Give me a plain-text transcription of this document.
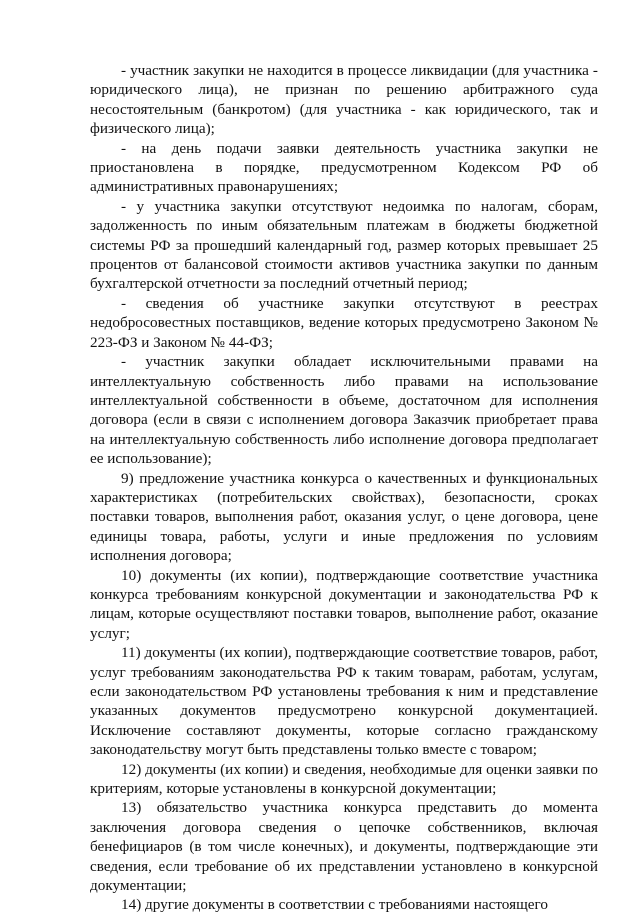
- участник закупки не находится в процессе ликвидации (для участника - юридического лица), не признан по решению арбитражного суда несостоятельным (банкротом) (для участника - как юридического, так и физического лица);

- на день подачи заявки деятельность участника закупки не приостановлена в порядке, предусмотренном Кодексом РФ об административных правонарушениях;

- у участника закупки отсутствуют недоимка по налогам, сборам, задолженность по иным обязательным платежам в бюджеты бюджетной системы РФ за прошедший календарный год, размер которых превышает 25 процентов от балансовой стоимости активов участника закупки по данным бухгалтерской отчетности за последний отчетный период;

- сведения об участнике закупки отсутствуют в реестрах недобросовестных поставщиков, ведение которых предусмотрено Законом № 223-ФЗ и Законом № 44-ФЗ;

- участник закупки обладает исключительными правами на интеллектуальную собственность либо правами на использование интеллектуальной собственности в объеме, достаточном для исполнения договора (если в связи с исполнением договора Заказчик приобретает права на интеллектуальную собственность либо исполнение договора предполагает ее использование);

9) предложение участника конкурса о качественных и функциональных характеристиках (потребительских свойствах), безопасности, сроках поставки товаров, выполнения работ, оказания услуг, о цене договора, цене единицы товара, работы, услуги и иные предложения по условиям исполнения договора;

10) документы (их копии), подтверждающие соответствие участника конкурса требованиям конкурсной документации и законодательства РФ к лицам, которые осуществляют поставки товаров, выполнение работ, оказание услуг;

11) документы (их копии), подтверждающие соответствие товаров, работ, услуг требованиям законодательства РФ к таким товарам, работам, услугам, если законодательством РФ установлены требования к ним и представление указанных документов предусмотрено конкурсной документацией. Исключение составляют документы, которые согласно гражданскому законодательству могут быть представлены только вместе с товаром;

12) документы (их копии) и сведения, необходимые для оценки заявки по критериям, которые установлены в конкурсной документации;

13) обязательство участника конкурса представить до момента заключения договора сведения о цепочке собственников, включая бенефициаров (в том числе конечных), и документы, подтверждающие эти сведения, если требование об их представлении установлено в конкурсной документации;

14) другие документы в соответствии с требованиями настоящего
